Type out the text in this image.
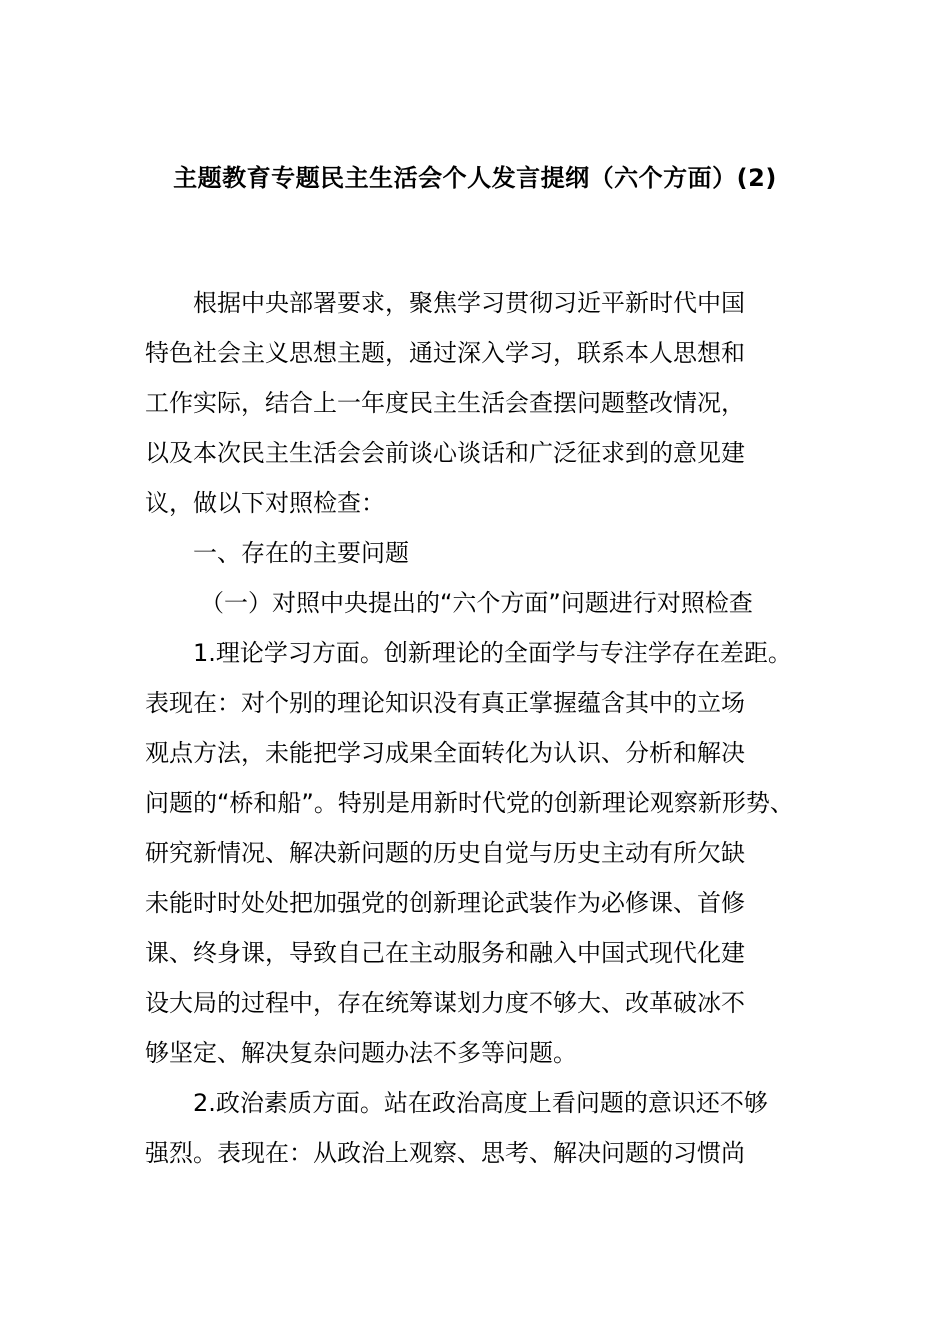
主题教育专题民主生活会个人发言提纲（六个方面）(2)
根据中央部署要求，聚焦学习贯彻习近平新时代中国
特色社会主义思想主题，通过深入学习，联系本人思想和
工作实际，结合上一年度民主生活会查摆问题整改情况，
以及本次民主生活会会前谈心谈话和广泛征求到的意见建
议，做以下对照检查：
一、存在的主要问题
（一）对照中央提出的“六个方面”问题进行对照检查
1.理论学习方面。创新理论的全面学与专注学存在差距。
表现在：对个别的理论知识没有真正掌握蕴含其中的立场
观点方法，未能把学习成果全面转化为认识、分析和解决
问题的“桥和船”。特别是用新时代党的创新理论观察新形势、
研究新情况、解决新问题的历史自觉与历史主动有所欠缺
未能时时处处把加强党的创新理论武装作为必修课、首修
课、终身课，导致自己在主动服务和融入中国式现代化建
设大局的过程中，存在统筹谋划力度不够大、改革破冰不
够坚定、解决复杂问题办法不多等问题。
2.政治素质方面。站在政治高度上看问题的意识还不够
强烈。表现在：从政治上观察、思考、解决问题的习惯尚
